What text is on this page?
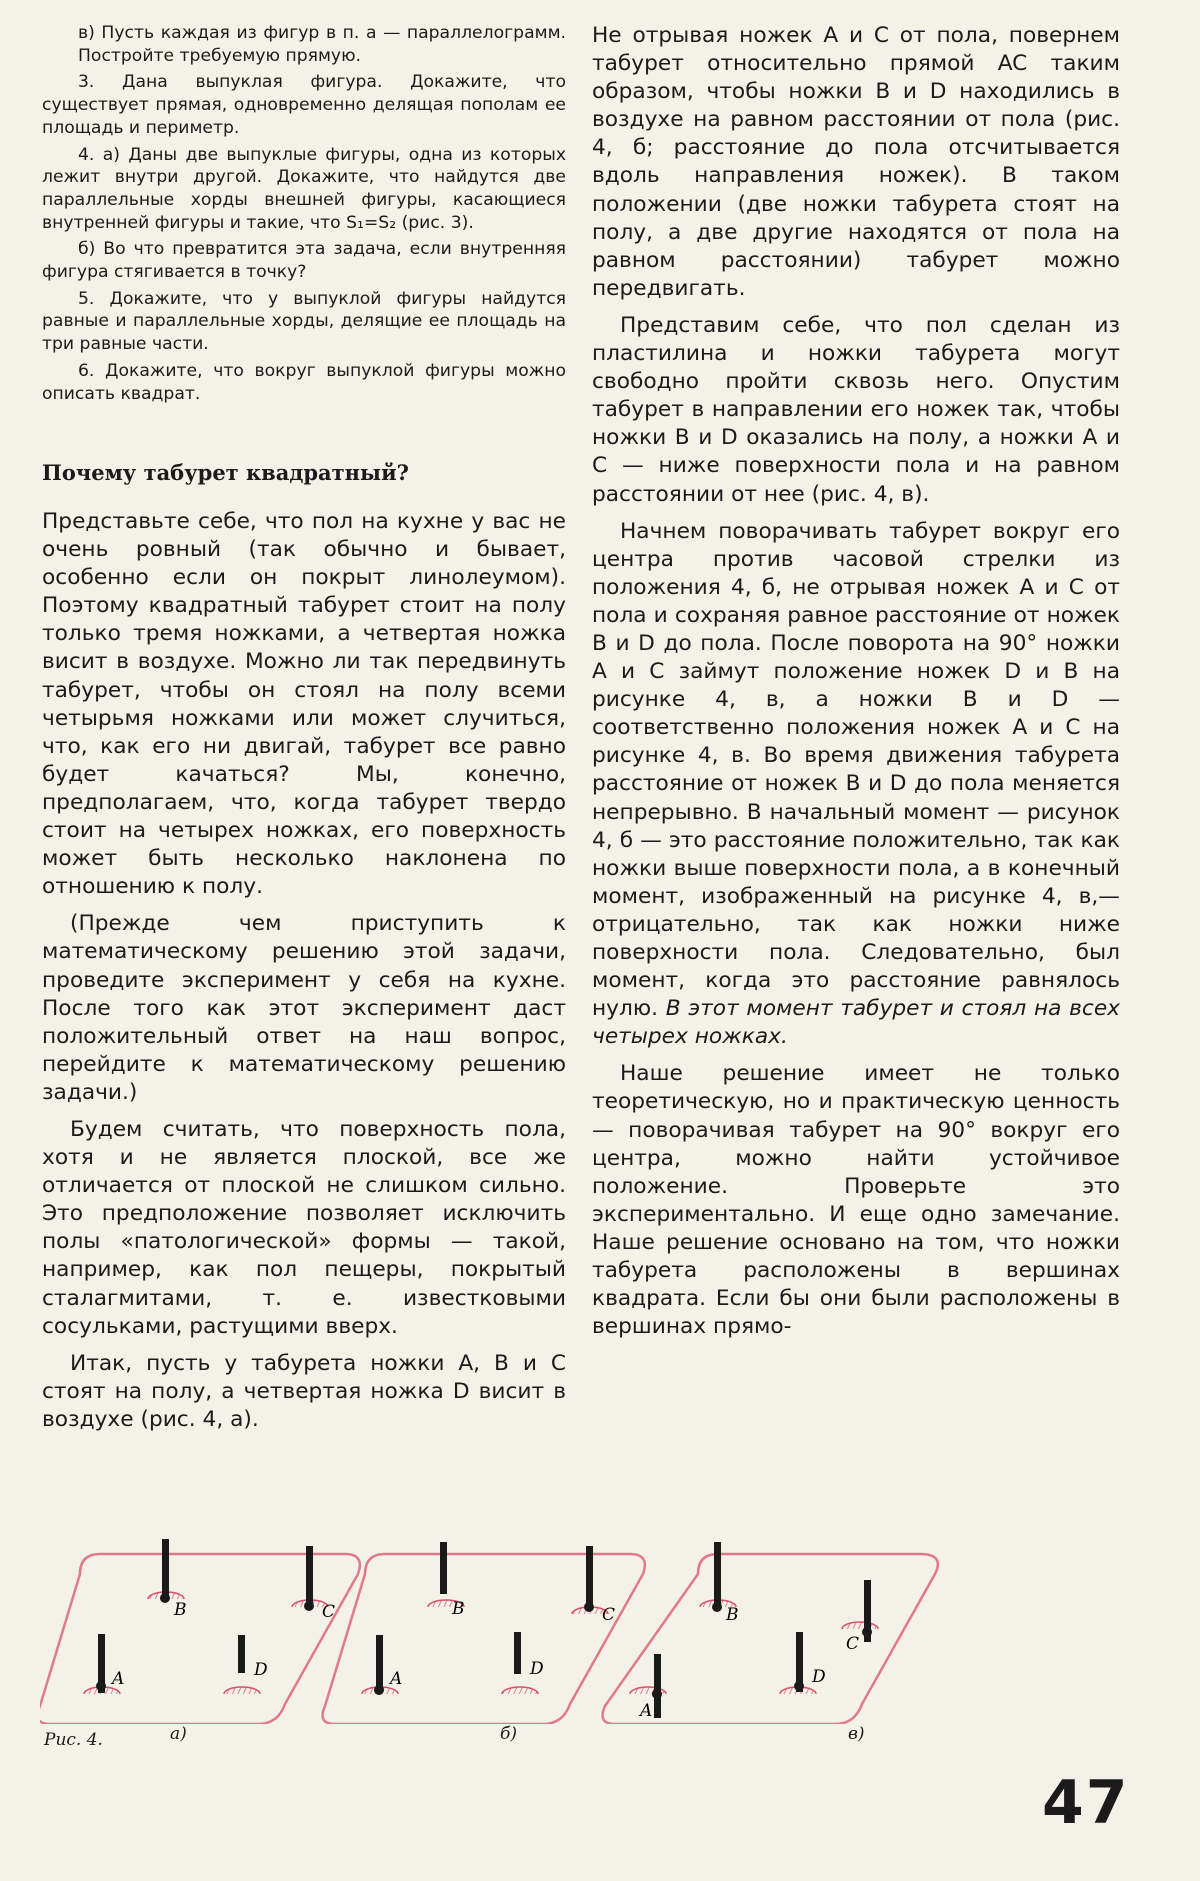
в) Пусть каждая из фигур в п. а — параллелограмм. Постройте требуемую прямую.

3. Дана выпуклая фигура. Докажите, что существует прямая, одновременно делящая пополам ее площадь и периметр.

4. а) Даны две выпуклые фигуры, одна из которых лежит внутри другой. Докажите, что найдутся две параллельные хорды внешней фигуры, касающиеся внутренней фигуры и такие, что S₁=S₂ (рис. 3).

б) Во что превратится эта задача, если внутренняя фигура стягивается в точку?

5. Докажите, что у выпуклой фигуры найдутся равные и параллельные хорды, делящие ее площадь на три равные части.

6. Докажите, что вокруг выпуклой фигуры можно описать квадрат.

Почему табурет квадратный?

Представьте себе, что пол на кухне у вас не очень ровный (так обычно и бывает, особенно если он покрыт линолеумом). Поэтому квадратный табурет стоит на полу только тремя ножками, а четвертая ножка висит в воздухе. Можно ли так передвинуть табурет, чтобы он стоял на полу всеми четырьмя ножками или может случиться, что, как его ни двигай, табурет все равно будет качаться? Мы, конечно, предполагаем, что, когда табурет твердо стоит на четырех ножках, его поверхность может быть несколько наклонена по отношению к полу.

(Прежде чем приступить к математическому решению этой задачи, проведите эксперимент у себя на кухне. После того как этот эксперимент даст положительный ответ на наш вопрос, перейдите к математическому решению задачи.)

Будем считать, что поверхность пола, хотя и не является плоской, все же отличается от плоской не слишком сильно. Это предположение позволяет исключить полы «патологической» формы — такой, например, как пол пещеры, покрытый сталагмитами, т. е. известковыми сосульками, растущими вверх.

Итак, пусть у табурета ножки A, B и C стоят на полу, а четвертая ножка D висит в воздухе (рис. 4, а).

Не отрывая ножек A и C от пола, повернем табурет относительно прямой AC таким образом, чтобы ножки B и D находились в воздухе на равном расстоянии от пола (рис. 4, б; расстояние до пола отсчитывается вдоль направления ножек). В таком положении (две ножки табурета стоят на полу, а две другие находятся от пола на равном расстоянии) табурет можно передвигать.

Представим себе, что пол сделан из пластилина и ножки табурета могут свободно пройти сквозь него. Опустим табурет в направлении его ножек так, чтобы ножки B и D оказались на полу, а ножки A и C — ниже поверхности пола и на равном расстоянии от нее (рис. 4, в).

Начнем поворачивать табурет вокруг его центра против часовой стрелки из положения 4, б, не отрывая ножек A и C от пола и сохраняя равное расстояние от ножек B и D до пола. После поворота на 90° ножки A и C займут положение ножек D и B на рисунке 4, в, а ножки B и D — соответственно положения ножек A и C на рисунке 4, в. Во время движения табурета расстояние от ножек B и D до пола меняется непрерывно. В начальный момент — рисунок 4, б — это расстояние положительно, так как ножки выше поверхности пола, а в конечный момент, изображенный на рисунке 4, в,— отрицательно, так как ножки ниже поверхности пола. Следовательно, был момент, когда это расстояние равнялось нулю. В этот момент табурет и стоял на всех четырех ножках.

Наше решение имеет не только теоретическую, но и практическую ценность — поворачивая табурет на 90° вокруг его центра, можно найти устойчивое положение. Проверьте это экспериментально. И еще одно замечание. Наше решение основано на том, что ножки табурета расположены в вершинах квадрата. Если бы они были расположены в вершинах прямо-

B	C
A	D
B	C
A	D
B
C
A
D
Рис. 4.	а)	б)	в)
47
